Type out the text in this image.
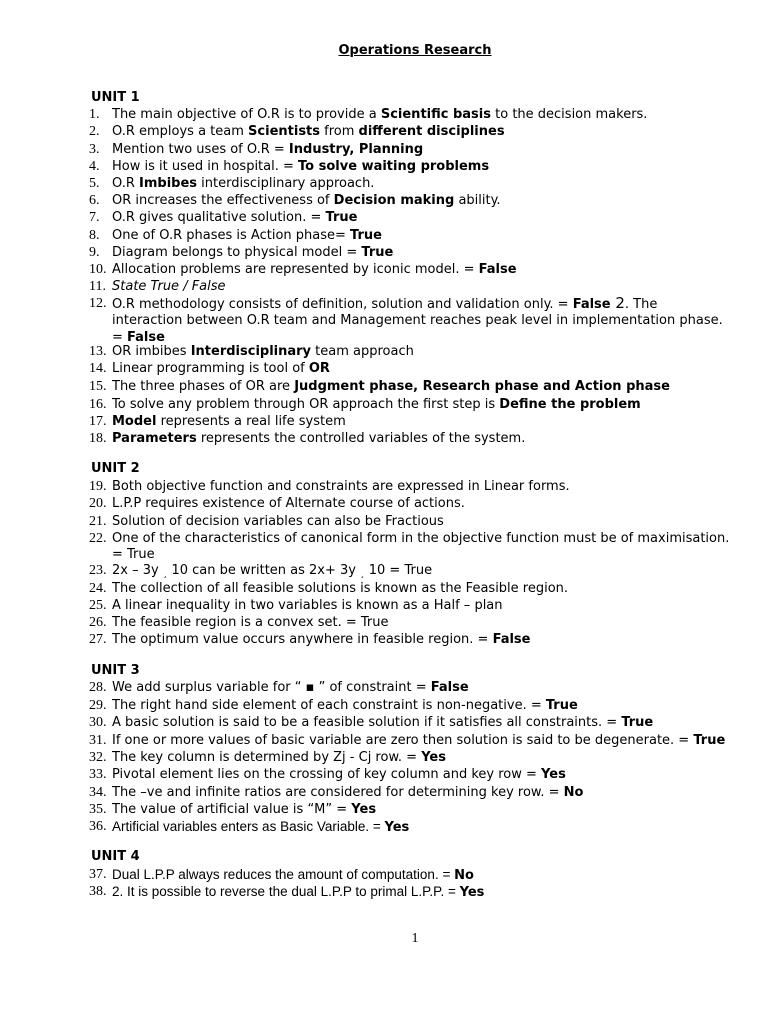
Operations Research
UNIT 1
1. The main objective of O.R is to provide a Scientific basis to the decision makers.
2. O.R employs a team Scientists from different disciplines
3. Mention two uses of O.R = Industry, Planning
4. How is it used in hospital. = To solve waiting problems
5. O.R Imbibes interdisciplinary approach.
6. OR increases the effectiveness of Decision making ability.
7. O.R gives qualitative solution. = True
8. One of O.R phases is Action phase= True
9. Diagram belongs to physical model = True
10. Allocation problems are represented by iconic model. = False
11. State True / False
12. O.R methodology consists of definition, solution and validation only. = False 2. The
interaction between O.R team and Management reaches peak level in implementation phase.
= False
13. OR imbibes Interdisciplinary team approach
14. Linear programming is tool of OR
15. The three phases of OR are Judgment phase, Research phase and Action phase
16. To solve any problem through OR approach the first step is Define the problem
17. Model represents a real life system
18. Parameters represents the controlled variables of the system.
UNIT 2
19. Both objective function and constraints are expressed in Linear forms.
20. L.P.P requires existence of Alternate course of actions.
21. Solution of decision variables can also be Fractious
22. One of the characteristics of canonical form in the objective function must be of maximisation.
= True
23. 2x – 3y $_¸$ 10 can be written as 2x+ 3y $_¸$ 10 = True
24. The collection of all feasible solutions is known as the Feasible region.
25. A linear inequality in two variables is known as a Half – plan
26. The feasible region is a convex set. = True
27. The optimum value occurs anywhere in feasible region. = False
UNIT 3
28. We add surplus variable for “ ▪ ” of constraint = False
29. The right hand side element of each constraint is non-negative. = True
30. A basic solution is said to be a feasible solution if it satisfies all constraints. = True
31. If one or more values of basic variable are zero then solution is said to be degenerate. = True
32. The key column is determined by Zj - Cj row. = Yes
33. Pivotal element lies on the crossing of key column and key row = Yes
34. The –ve and infinite ratios are considered for determining key row. = No
35. The value of artificial value is “M” = Yes
36. Artificial variables enters as Basic Variable. = Yes
UNIT 4
37. Dual L.P.P always reduces the amount of computation. = No
38. 2. It is possible to reverse the dual L.P.P to primal L.P.P. = Yes
1
